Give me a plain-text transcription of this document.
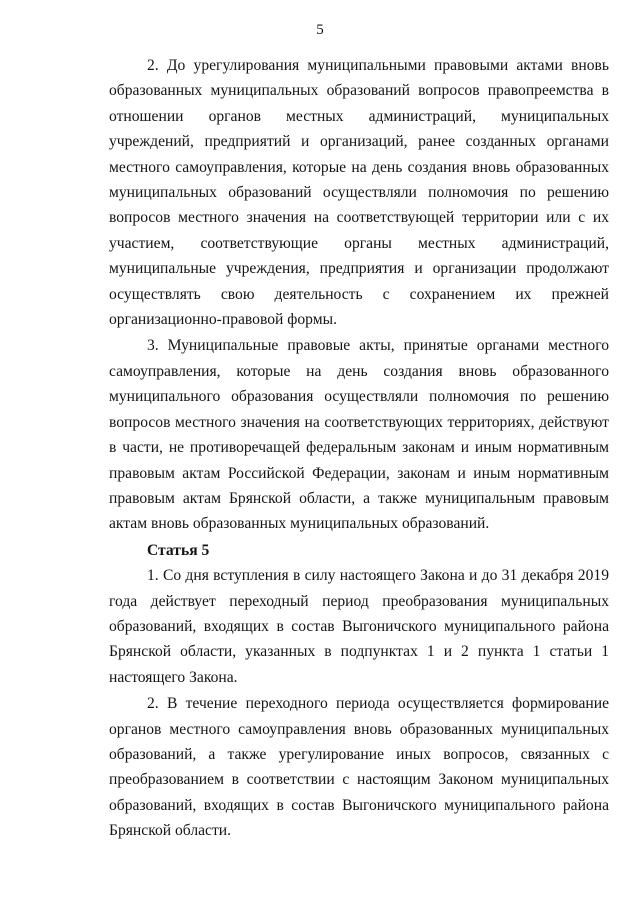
5

2. До урегулирования муниципальными правовыми актами вновь образованных муниципальных образований вопросов правопреемства в отношении органов местных администраций, муниципальных учреждений, предприятий и организаций, ранее созданных органами местного самоуправления, которые на день создания вновь образованных муниципальных образований осуществляли полномочия по решению вопросов местного значения на соответствующей территории или с их участием, соответствующие органы местных администраций, муниципальные учреждения, предприятия и организации продолжают осуществлять свою деятельность с сохранением их прежней организационно-правовой формы.

3. Муниципальные правовые акты, принятые органами местного самоуправления, которые на день создания вновь образованного муниципального образования осуществляли полномочия по решению вопросов местного значения на соответствующих территориях, действуют в части, не противоречащей федеральным законам и иным нормативным правовым актам Российской Федерации, законам и иным нормативным правовым актам Брянской области, а также муниципальным правовым актам вновь образованных муниципальных образований.

Статья 5

1. Со дня вступления в силу настоящего Закона и до 31 декабря 2019 года действует переходный период преобразования муниципальных образований, входящих в состав Выгоничского муниципального района Брянской области, указанных в подпунктах 1 и 2 пункта 1 статьи 1 настоящего Закона.

2. В течение переходного периода осуществляется формирование органов местного самоуправления вновь образованных муниципальных образований, а также урегулирование иных вопросов, связанных с преобразованием в соответствии с настоящим Законом муниципальных образований, входящих в состав Выгоничского муниципального района Брянской области.
